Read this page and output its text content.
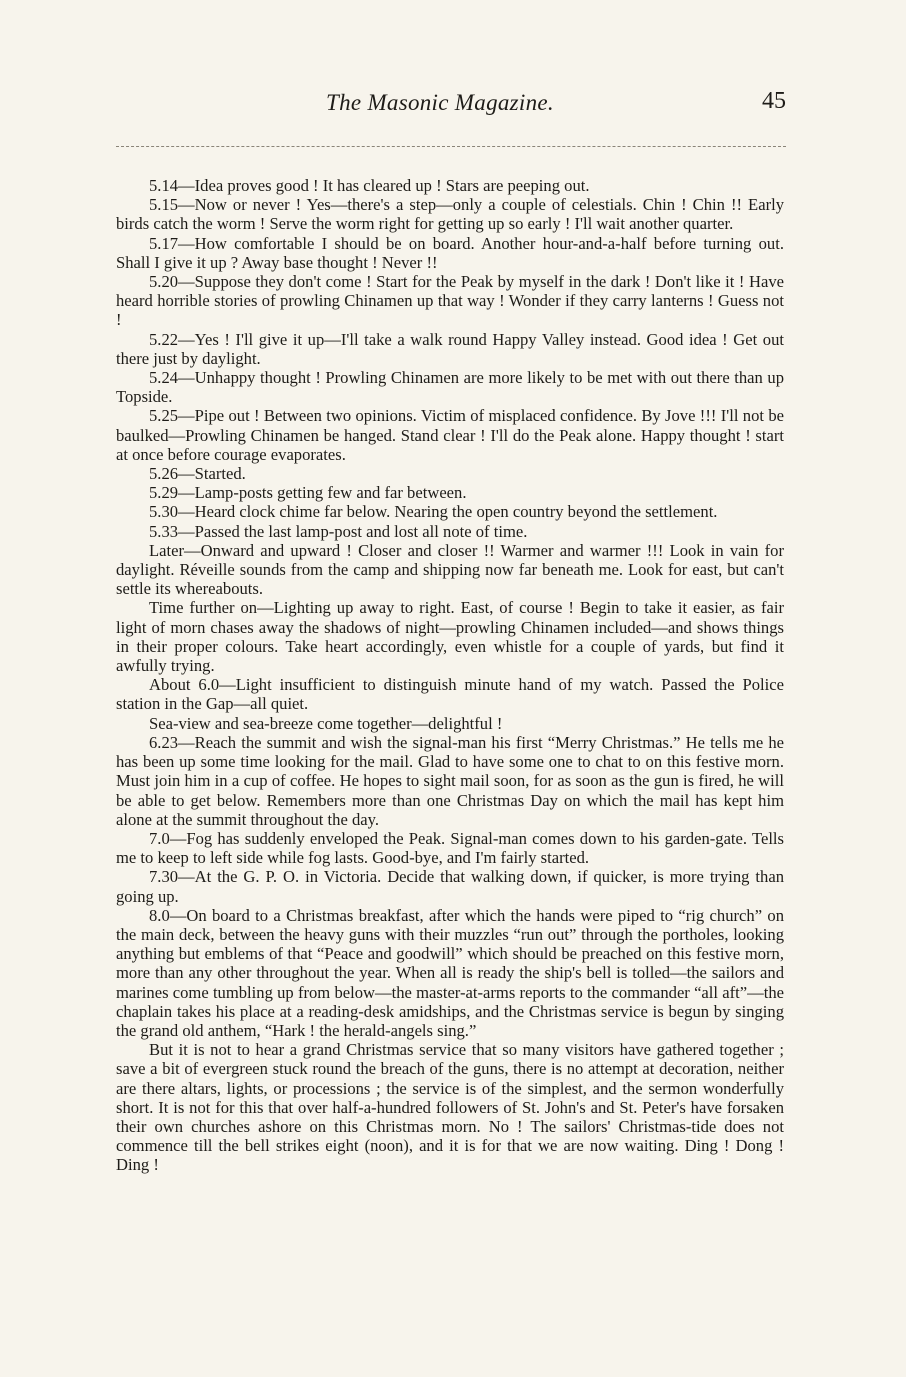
The Masonic Magazine.	45

5.14—Idea proves good ! It has cleared up ! Stars are peeping out.

5.15—Now or never ! Yes—there's a step—only a couple of celestials. Chin ! Chin !! Early birds catch the worm ! Serve the worm right for getting up so early ! I'll wait another quarter.

5.17—How comfortable I should be on board. Another hour-and-a-half before turning out. Shall I give it up ? Away base thought ! Never !!

5.20—Suppose they don't come ! Start for the Peak by myself in the dark ! Don't like it ! Have heard horrible stories of prowling Chinamen up that way ! Wonder if they carry lanterns ! Guess not !

5.22—Yes ! I'll give it up—I'll take a walk round Happy Valley instead. Good idea ! Get out there just by daylight.

5.24—Unhappy thought ! Prowling Chinamen are more likely to be met with out there than up Topside.

5.25—Pipe out ! Between two opinions. Victim of misplaced confidence. By Jove !!! I'll not be baulked—Prowling Chinamen be hanged. Stand clear ! I'll do the Peak alone. Happy thought ! start at once before courage evaporates.

5.26—Started.

5.29—Lamp-posts getting few and far between.

5.30—Heard clock chime far below. Nearing the open country beyond the settlement.

5.33—Passed the last lamp-post and lost all note of time.

Later—Onward and upward ! Closer and closer !! Warmer and warmer !!! Look in vain for daylight. Réveille sounds from the camp and shipping now far beneath me. Look for east, but can't settle its whereabouts.

Time further on—Lighting up away to right. East, of course ! Begin to take it easier, as fair light of morn chases away the shadows of night—prowling Chinamen included—and shows things in their proper colours. Take heart accordingly, even whistle for a couple of yards, but find it awfully trying.

About 6.0—Light insufficient to distinguish minute hand of my watch. Passed the Police station in the Gap—all quiet.

Sea-view and sea-breeze come together—delightful !

6.23—Reach the summit and wish the signal-man his first “Merry Christmas.” He tells me he has been up some time looking for the mail. Glad to have some one to chat to on this festive morn. Must join him in a cup of coffee. He hopes to sight mail soon, for as soon as the gun is fired, he will be able to get below. Remembers more than one Christmas Day on which the mail has kept him alone at the summit throughout the day.

7.0—Fog has suddenly enveloped the Peak. Signal-man comes down to his garden-gate. Tells me to keep to left side while fog lasts. Good-bye, and I'm fairly started.

7.30—At the G. P. O. in Victoria. Decide that walking down, if quicker, is more trying than going up.

8.0—On board to a Christmas breakfast, after which the hands were piped to “rig church” on the main deck, between the heavy guns with their muzzles “run out” through the portholes, looking anything but emblems of that “Peace and goodwill” which should be preached on this festive morn, more than any other throughout the year. When all is ready the ship's bell is tolled—the sailors and marines come tumbling up from below—the master-at-arms reports to the commander “all aft”—the chaplain takes his place at a reading-desk amidships, and the Christmas service is begun by singing the grand old anthem, “Hark ! the herald-angels sing.”

But it is not to hear a grand Christmas service that so many visitors have gathered together ; save a bit of evergreen stuck round the breach of the guns, there is no attempt at decoration, neither are there altars, lights, or processions ; the service is of the simplest, and the sermon wonderfully short. It is not for this that over half-a-hundred followers of St. John's and St. Peter's have forsaken their own churches ashore on this Christmas morn. No ! The sailors' Christmas-tide does not commence till the bell strikes eight (noon), and it is for that we are now waiting. Ding ! Dong ! Ding !
